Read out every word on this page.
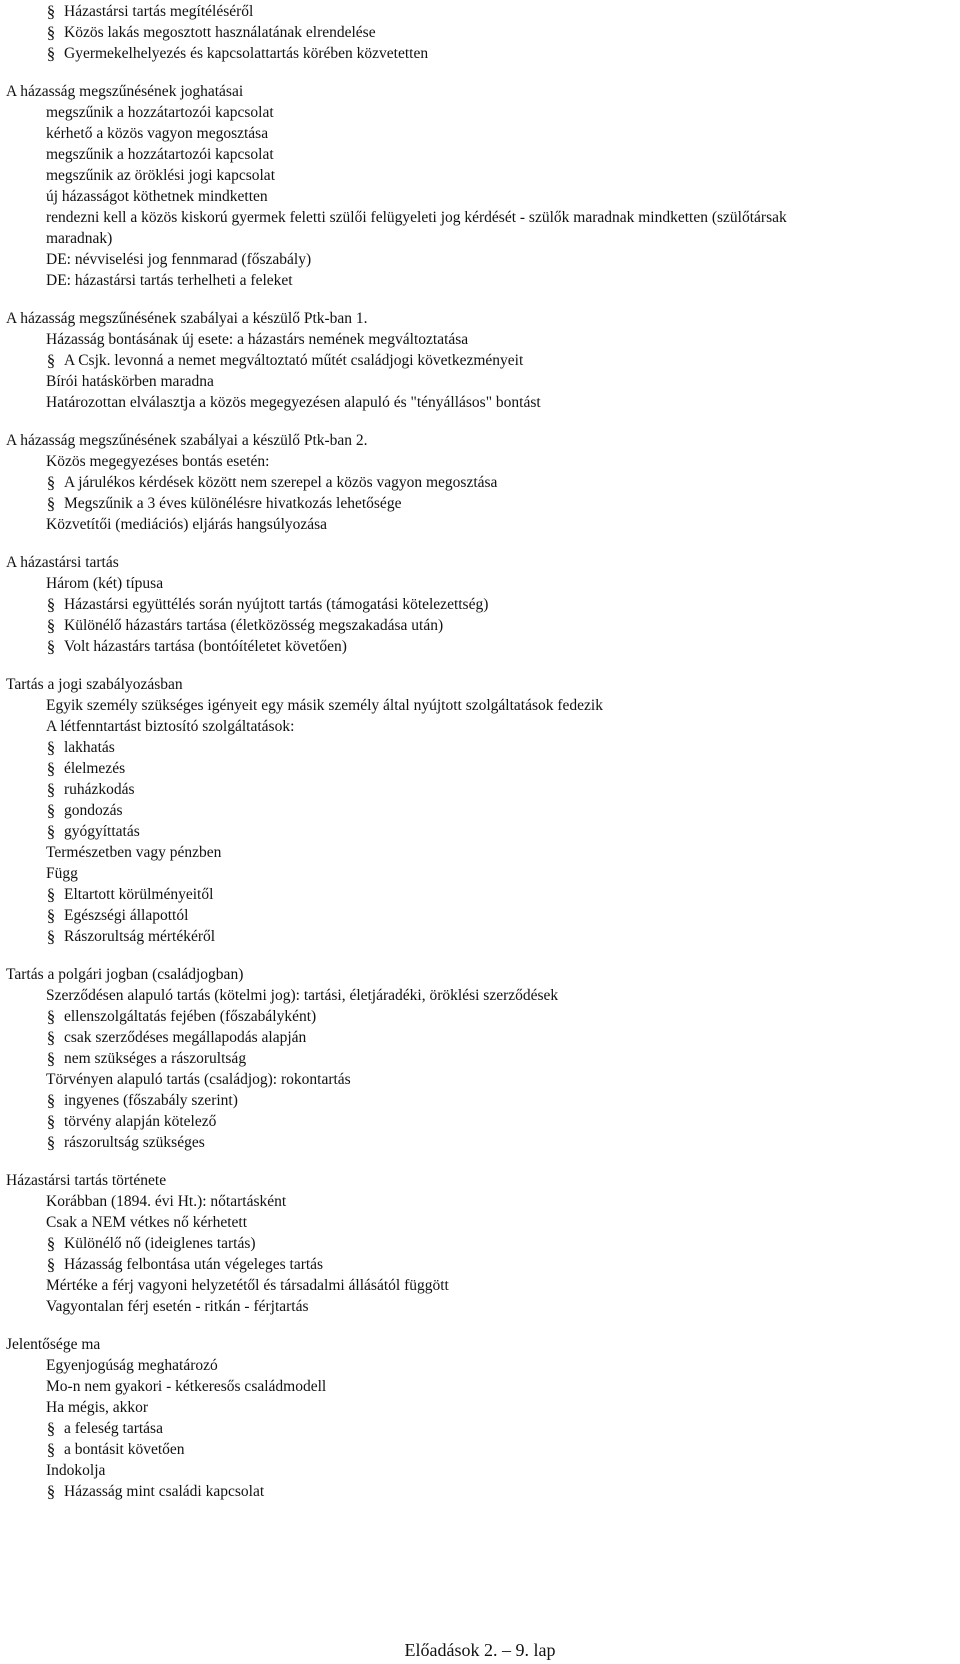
§ Házastársi tartás megítéléséről
§ Közös lakás megosztott használatának elrendelése
§ Gyermekelhelyezés és kapcsolattartás körében közvetetten
A házasság megszűnésének joghatásai
megszűnik a hozzátartozói kapcsolat
kérhető a közös vagyon megosztása
megszűnik a hozzátartozói kapcsolat
megszűnik az öröklési jogi kapcsolat
új házasságot köthetnek mindketten
rendezni kell a közös kiskorú gyermek feletti szülői felügyeleti jog kérdését - szülők maradnak mindketten (szülőtársak
maradnak)
DE: névviselési jog fennmarad (főszabály)
DE: házastársi tartás terhelheti a feleket
A házasság megszűnésének szabályai a készülő Ptk-ban 1.
Házasság bontásának új esete: a házastárs nemének megváltoztatása
§ A Csjk. levonná a nemet megváltoztató műtét családjogi következményeit
Bírói hatáskörben maradna
Határozottan elválasztja a közös megegyezésen alapuló és "tényállásos" bontást
A házasság megszűnésének szabályai a készülő Ptk-ban 2.
Közös megegyezéses bontás esetén:
§ A járulékos kérdések között nem szerepel a közös vagyon megosztása
§ Megszűnik a 3 éves különélésre hivatkozás lehetősége
Közvetítői (mediációs) eljárás hangsúlyozása
A házastársi tartás
Három (két) típusa
§ Házastársi együttélés során nyújtott tartás (támogatási kötelezettség)
§ Különélő házastárs tartása (életközösség megszakadása után)
§ Volt házastárs tartása (bontóítéletet követően)
Tartás a jogi szabályozásban
Egyik személy szükséges igényeit egy másik személy által nyújtott szolgáltatások fedezik
A létfenntartást biztosító szolgáltatások:
§ lakhatás
§ élelmezés
§ ruházkodás
§ gondozás
§ gyógyíttatás
Természetben vagy pénzben
Függ
§ Eltartott körülményeitől
§ Egészségi állapottól
§ Rászorultság mértékéről
Tartás a polgári jogban (családjogban)
Szerződésen alapuló tartás (kötelmi jog): tartási, életjáradéki, öröklési szerződések
§ ellenszolgáltatás fejében (főszabályként)
§ csak szerződéses megállapodás alapján
§ nem szükséges a rászorultság
Törvényen alapuló tartás (családjog): rokontartás
§ ingyenes (főszabály szerint)
§ törvény alapján kötelező
§ rászorultság szükséges
Házastársi tartás története
Korábban (1894. évi Ht.): nőtartásként
Csak a NEM vétkes nő kérhetett
§ Különélő nő (ideiglenes tartás)
§ Házasság felbontása után végeleges tartás
Mértéke a férj vagyoni helyzetétől és társadalmi állásától függött
Vagyontalan férj esetén - ritkán - férjtartás
Jelentősége ma
Egyenjogúság meghatározó
Mo-n nem gyakori - kétkeresős családmodell
Ha mégis, akkor
§ a feleség tartása
§ a bontásit követően
Indokolja
§ Házasság mint családi kapcsolat
Előadások 2. – 9. lap
